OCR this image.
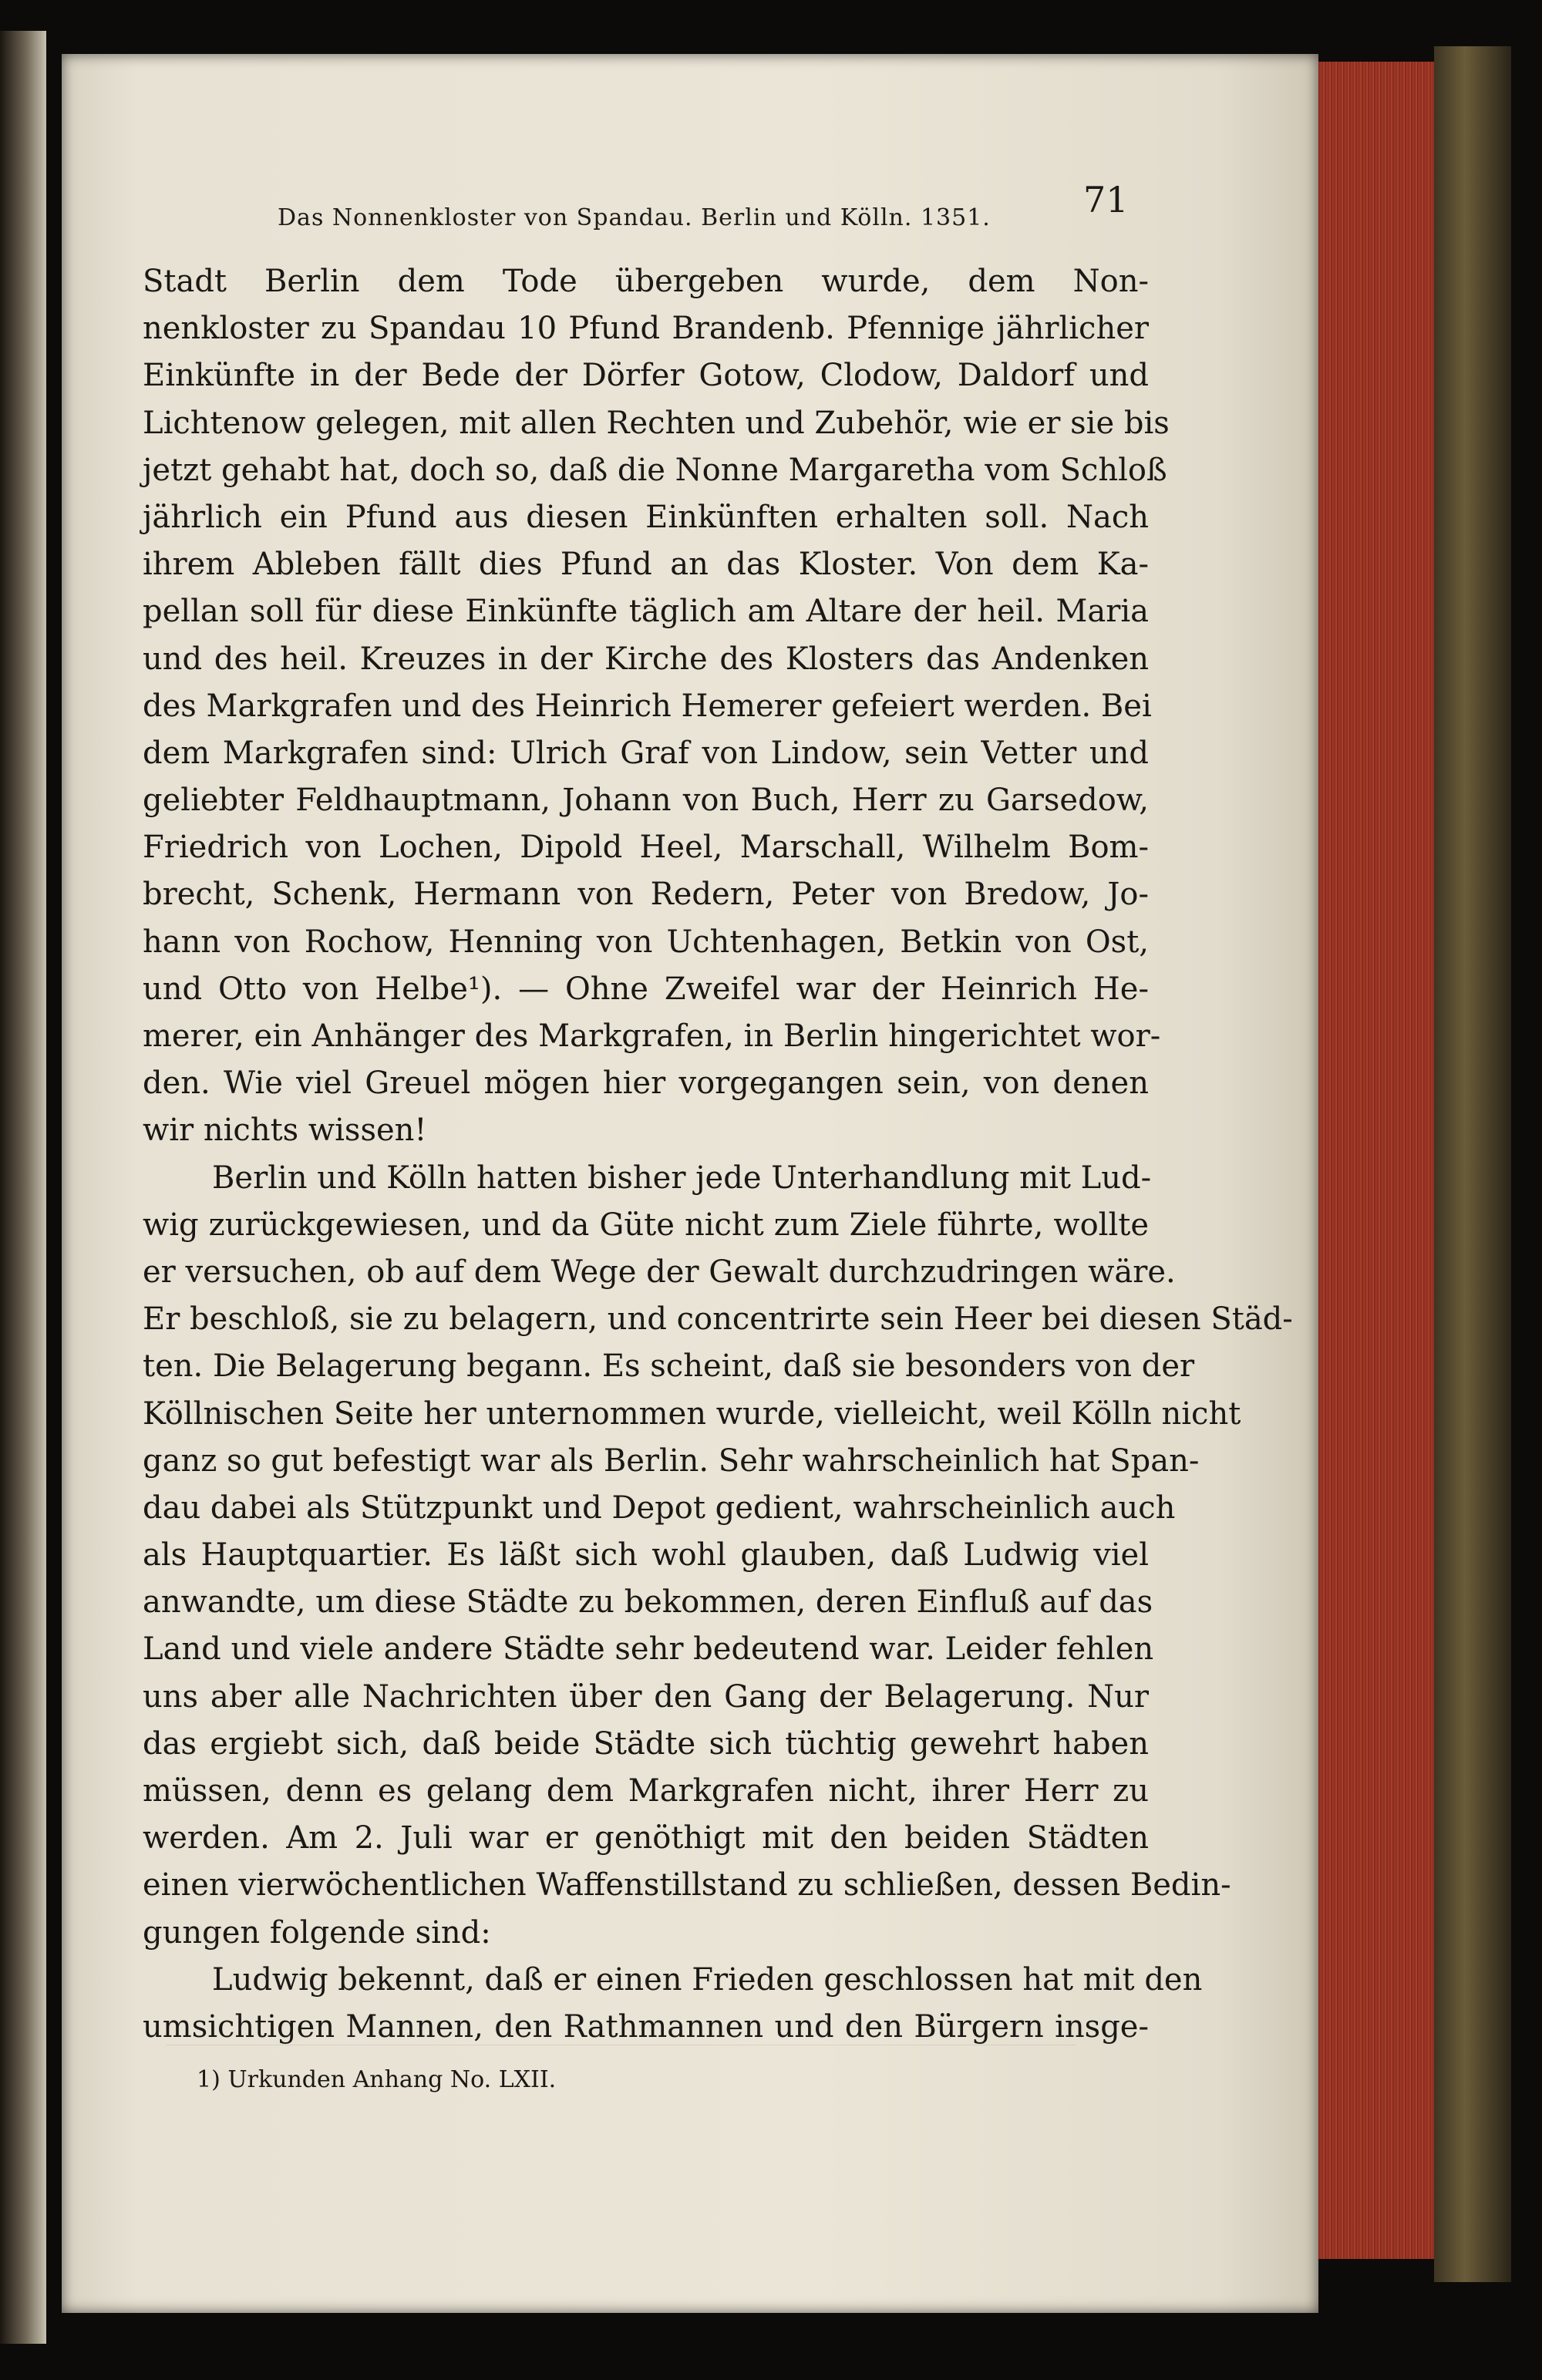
Das Nonnenkloster von Spandau. Berlin und Kölln. 1351.	71
Stadt Berlin dem Tode übergeben wurde, dem Non-
nenkloster zu Spandau 10 Pfund Brandenb. Pfennige jährlicher
Einkünfte in der Bede der Dörfer Gotow, Clodow, Daldorf und
Lichtenow gelegen, mit allen Rechten und Zubehör, wie er sie bis
jetzt gehabt hat, doch so, daß die Nonne Margaretha vom Schloß
jährlich ein Pfund aus diesen Einkünften erhalten soll. Nach
ihrem Ableben fällt dies Pfund an das Kloster. Von dem Ka-
pellan soll für diese Einkünfte täglich am Altare der heil. Maria
und des heil. Kreuzes in der Kirche des Klosters das Andenken
des Markgrafen und des Heinrich Hemerer gefeiert werden. Bei
dem Markgrafen sind: Ulrich Graf von Lindow, sein Vetter und
geliebter Feldhauptmann, Johann von Buch, Herr zu Garsedow,
Friedrich von Lochen, Dipold Heel, Marschall, Wilhelm Bom-
brecht, Schenk, Hermann von Redern, Peter von Bredow, Jo-
hann von Rochow, Henning von Uchtenhagen, Betkin von Ost,
und Otto von Helbe¹). — Ohne Zweifel war der Heinrich He-
merer, ein Anhänger des Markgrafen, in Berlin hingerichtet wor-
den. Wie viel Greuel mögen hier vorgegangen sein, von denen
wir nichts wissen!
Berlin und Kölln hatten bisher jede Unterhandlung mit Lud-
wig zurückgewiesen, und da Güte nicht zum Ziele führte, wollte
er versuchen, ob auf dem Wege der Gewalt durchzudringen wäre.
Er beschloß, sie zu belagern, und concentrirte sein Heer bei diesen Städ-
ten. Die Belagerung begann. Es scheint, daß sie besonders von der
Köllnischen Seite her unternommen wurde, vielleicht, weil Kölln nicht
ganz so gut befestigt war als Berlin. Sehr wahrscheinlich hat Span-
dau dabei als Stützpunkt und Depot gedient, wahrscheinlich auch
als Hauptquartier. Es läßt sich wohl glauben, daß Ludwig viel
anwandte, um diese Städte zu bekommen, deren Einfluß auf das
Land und viele andere Städte sehr bedeutend war. Leider fehlen
uns aber alle Nachrichten über den Gang der Belagerung. Nur
das ergiebt sich, daß beide Städte sich tüchtig gewehrt haben
müssen, denn es gelang dem Markgrafen nicht, ihrer Herr zu
werden. Am 2. Juli war er genöthigt mit den beiden Städten
einen vierwöchentlichen Waffenstillstand zu schließen, dessen Bedin-
gungen folgende sind:
Ludwig bekennt, daß er einen Frieden geschlossen hat mit den
umsichtigen Mannen, den Rathmannen und den Bürgern insge-
1) Urkunden Anhang No. LXII.
